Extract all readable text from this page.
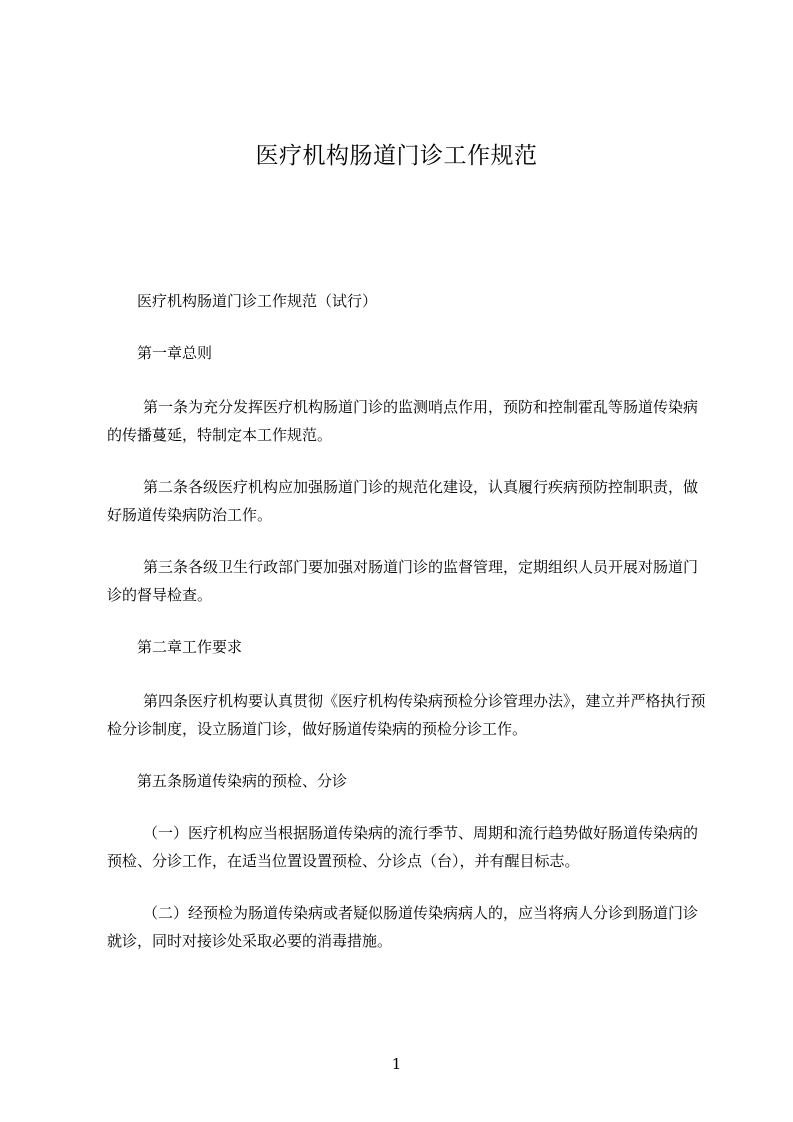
医疗机构肠道门诊工作规范

医疗机构肠道门诊工作规范（试行）

第一章总则

第一条为充分发挥医疗机构肠道门诊的监测哨点作用，预防和控制霍乱等肠道传染病的传播蔓延，特制定本工作规范。

第二条各级医疗机构应加强肠道门诊的规范化建设，认真履行疾病预防控制职责，做好肠道传染病防治工作。

第三条各级卫生行政部门要加强对肠道门诊的监督管理，定期组织人员开展对肠道门诊的督导检查。

第二章工作要求

第四条医疗机构要认真贯彻《医疗机构传染病预检分诊管理办法》，建立并严格执行预检分诊制度，设立肠道门诊，做好肠道传染病的预检分诊工作。

第五条肠道传染病的预检、分诊

（一）医疗机构应当根据肠道传染病的流行季节、周期和流行趋势做好肠道传染病的预检、分诊工作，在适当位置设置预检、分诊点（台），并有醒目标志。

（二）经预检为肠道传染病或者疑似肠道传染病病人的，应当将病人分诊到肠道门诊就诊，同时对接诊处采取必要的消毒措施。

1
